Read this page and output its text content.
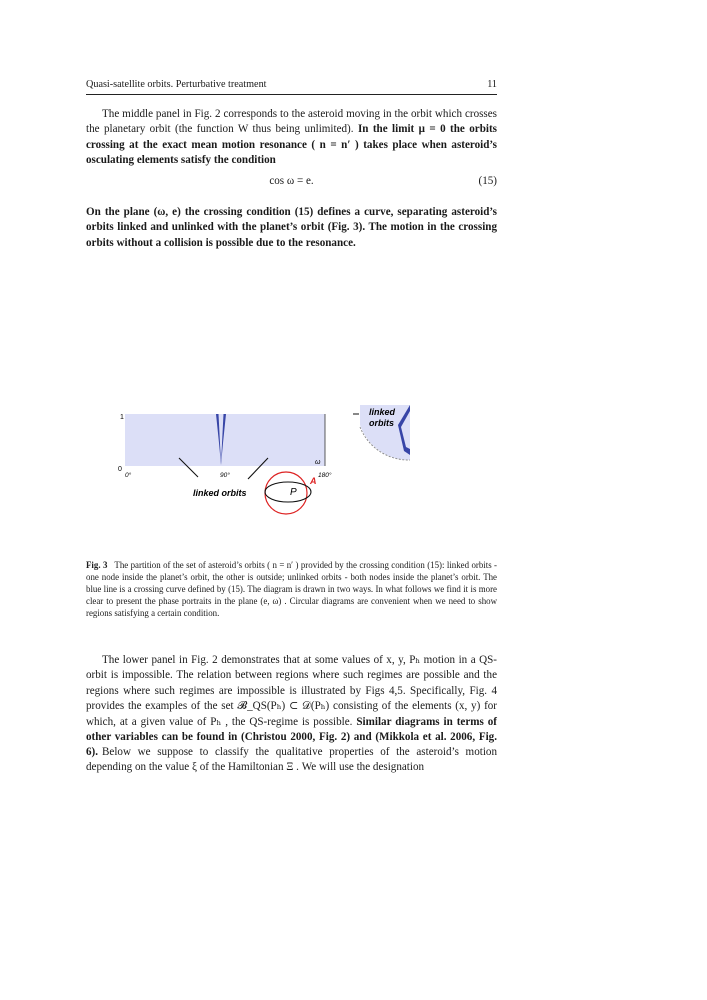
Quasi-satellite orbits. Perturbative treatment	11
The middle panel in Fig. 2 corresponds to the asteroid moving in the orbit which crosses the planetary orbit (the function W thus being unlimited). In the limit μ = 0 the orbits crossing at the exact mean motion resonance ( n = n′ ) takes place when asteroid’s osculating elements satisfy the condition
cos ω = e.	(15)
On the plane (ω, e) the crossing condition (15) defines a curve, separating asteroid’s orbits linked and unlinked with the planet’s orbit (Fig. 3). The motion in the crossing orbits without a collision is possible due to the resonance.
1
0
0°	90°	180°
ω
linked orbits	P
A
linked
orbits
Fig. 3 The partition of the set of asteroid’s orbits ( n = n′ ) provided by the crossing condition (15): linked orbits - one node inside the planet’s orbit, the other is outside; unlinked orbits - both nodes inside the planet’s orbit. The blue line is a crossing curve defined by (15). The diagram is drawn in two ways. In what follows we find it is more clear to present the phase portraits in the plane (e, ω) . Circular diagrams are convenient when we need to show regions satisfying a certain condition.
The lower panel in Fig. 2 demonstrates that at some values of x, y, Pₕ motion in a QS-orbit is impossible. The relation between regions where such regimes are possible and the regions where such regimes are impossible is illustrated by Figs 4,5. Specifically, Fig. 4 provides the examples of the set 𝓑_QS(Pₕ) ⊂ 𝒟(Pₕ) consisting of the elements (x, y) for which, at a given value of Pₕ , the QS-regime is possible. Similar diagrams in terms of other variables can be found in (Christou 2000, Fig. 2) and (Mikkola et al. 2006, Fig. 6). Below we suppose to classify the qualitative properties of the asteroid’s motion depending on the value ξ of the Hamiltonian Ξ . We will use the designation
